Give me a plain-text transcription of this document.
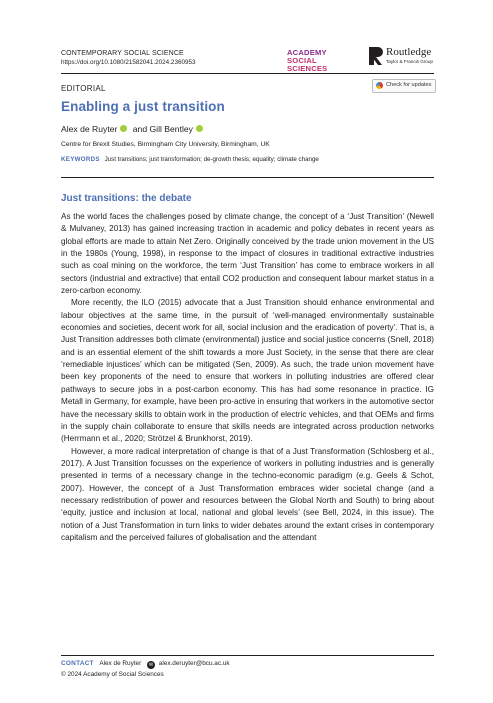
CONTEMPORARY SOCIAL SCIENCE
https://doi.org/10.1080/21582041.2024.2360953
ACADEMY
SOCIAL SCIENCES
Routledge
Taylor & Francis Group
EDITORIAL	Check for updates
Enabling a just transition
Alex de Ruyter and Gill Bentley
Centre for Brexit Studies, Birmingham City University, Birmingham, UK
KEYWORDS Just transitions; just transformation; de-growth thesis; equality; climate change
Just transitions: the debate

As the world faces the challenges posed by climate change, the concept of a ‘Just Transition’ (Newell & Mulvaney, 2013) has gained increasing traction in academic and policy debates in recent years as global efforts are made to attain Net Zero. Originally conceived by the trade union movement in the US in the 1980s (Young, 1998), in response to the impact of closures in traditional extractive industries such as coal mining on the workforce, the term ‘Just Transition’ has come to embrace workers in all sectors (industrial and extractive) that entail CO2 production and consequent labour market status in a zero-carbon economy.

More recently, the ILO (2015) advocate that a Just Transition should enhance environmental and labour objectives at the same time, in the pursuit of ‘well-managed environmentally sustainable economies and societies, decent work for all, social inclusion and the eradication of poverty’. That is, a Just Transition addresses both climate (environmental) justice and social justice concerns (Snell, 2018) and is an essential element of the shift towards a more Just Society, in the sense that there are clear ‘remediable injustices’ which can be mitigated (Sen, 2009). As such, the trade union movement have been key proponents of the need to ensure that workers in polluting industries are offered clear pathways to secure jobs in a post-carbon economy. This has had some resonance in practice. IG Metall in Germany, for example, have been pro-active in ensuring that workers in the automotive sector have the necessary skills to obtain work in the production of electric vehicles, and that OEMs and firms in the supply chain collaborate to ensure that skills needs are integrated across production networks (Herrmann et al., 2020; Strötzel & Brunkhorst, 2019).

However, a more radical interpretation of change is that of a Just Transformation (Schlosberg et al., 2017). A Just Transition focusses on the experience of workers in polluting industries and is generally presented in terms of a necessary change in the techno-economic paradigm (e.g. Geels & Schot, 2007). However, the concept of a Just Transformation embraces wider societal change (and a necessary redistribution of power and resources between the Global North and South) to bring about ‘equity, justice and inclusion at local, national and global levels’ (see Bell, 2024, in this issue). The notion of a Just Transformation in turn links to wider debates around the extant crises in contemporary capitalism and the perceived failures of globalisation and the attendant

CONTACT Alex de Ruyter ✉ alex.deruyter@bcu.ac.uk
© 2024 Academy of Social Sciences
